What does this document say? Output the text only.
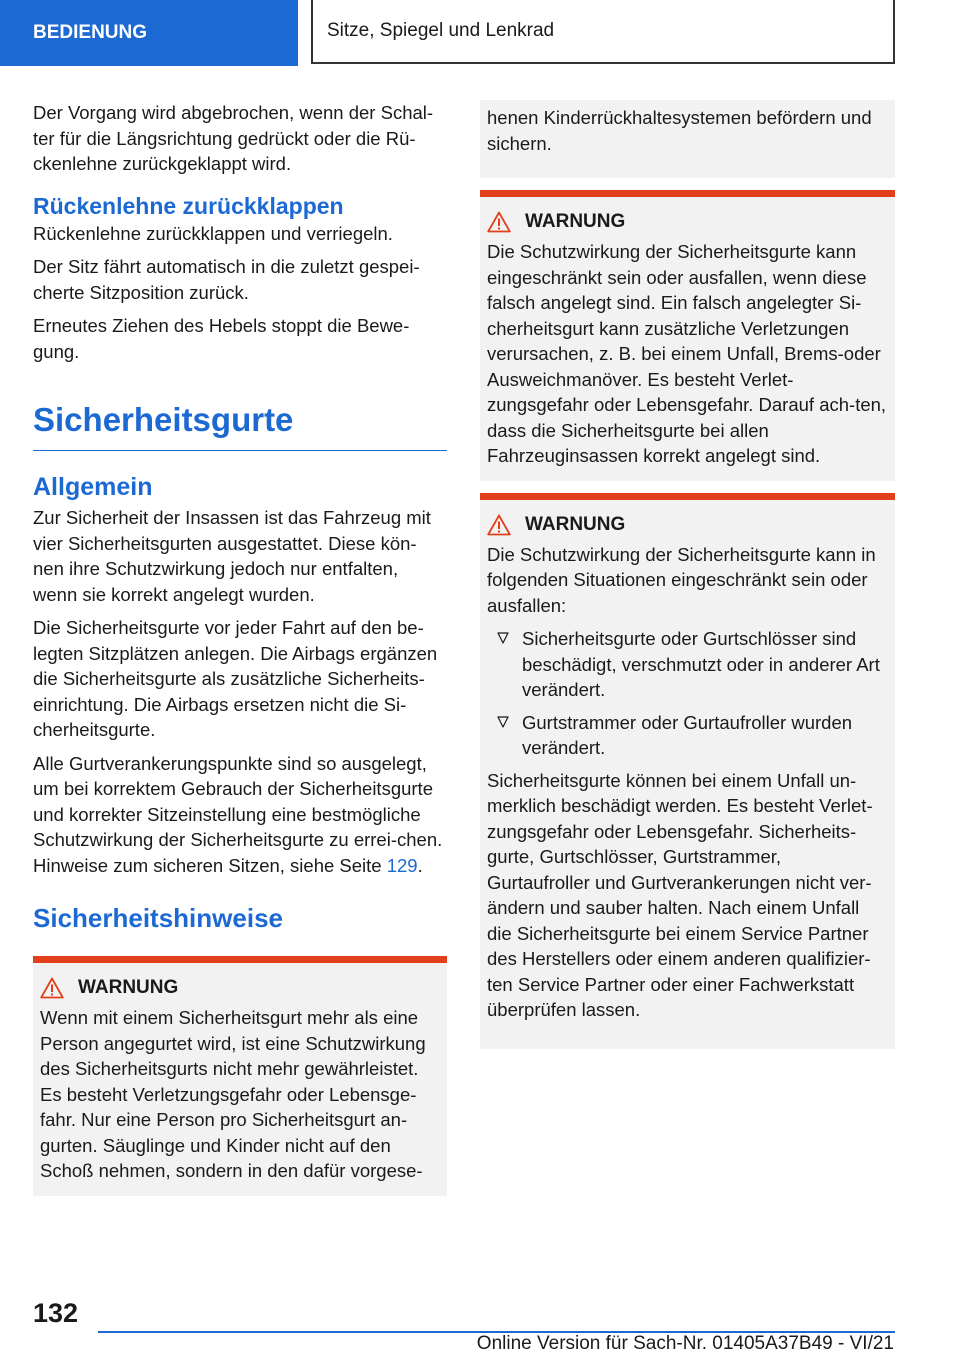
BEDIENUNG	Sitze, Spiegel und Lenkrad

Der Vorgang wird abgebrochen, wenn der Schal‐ter für die Längsrichtung gedrückt oder die Rü‐ckenlehne zurückgeklappt wird.

Rückenlehne zurückklappen

Rückenlehne zurückklappen und verriegeln.

Der Sitz fährt automatisch in die zuletzt gespei‐cherte Sitzposition zurück.

Erneutes Ziehen des Hebels stoppt die Bewe‐gung.

Sicherheitsgurte
Allgemein

Zur Sicherheit der Insassen ist das Fahrzeug mit vier Sicherheitsgurten ausgestattet. Diese kön‐nen ihre Schutzwirkung jedoch nur entfalten, wenn sie korrekt angelegt wurden.

Die Sicherheitsgurte vor jeder Fahrt auf den be‐legten Sitzplätzen anlegen. Die Airbags ergänzen die Sicherheitsgurte als zusätzliche Sicherheits‐einrichtung. Die Airbags ersetzen nicht die Si‐cherheitsgurte.

Alle Gurtverankerungspunkte sind so ausgelegt, um bei korrektem Gebrauch der Sicherheitsgurte und korrekter Sitzeinstellung eine bestmögliche Schutzwirkung der Sicherheitsgurte zu errei‐chen. Hinweise zum sicheren Sitzen, siehe Seite 129.

Sicherheitshinweise
WARNUNG

Wenn mit einem Sicherheitsgurt mehr als eine Person angegurtet wird, ist eine Schutzwirkung des Sicherheitsgurts nicht mehr gewährleistet. Es besteht Verletzungsgefahr oder Lebensge‐fahr. Nur eine Person pro Sicherheitsgurt an‐gurten. Säuglinge und Kinder nicht auf den Schoß nehmen, sondern in den dafür vorgese‐

henen Kinderrückhaltesystemen befördern und sichern.

WARNUNG

Die Schutzwirkung der Sicherheitsgurte kann eingeschränkt sein oder ausfallen, wenn diese falsch angelegt sind. Ein falsch angelegter Si‐cherheitsgurt kann zusätzliche Verletzungen verursachen, z. B. bei einem Unfall, Brems‐oder Ausweichmanöver. Es besteht Verlet‐zungsgefahr oder Lebensgefahr. Darauf ach‐ten, dass die Sicherheitsgurte bei allen Fahrzeuginsassen korrekt angelegt sind.

WARNUNG

Die Schutzwirkung der Sicherheitsgurte kann in folgenden Situationen eingeschränkt sein oder ausfallen:

Sicherheitsgurte oder Gurtschlösser sind beschädigt, verschmutzt oder in anderer Art verändert.
Gurtstrammer oder Gurtaufroller wurden verändert.

Sicherheitsgurte können bei einem Unfall un‐merklich beschädigt werden. Es besteht Verlet‐zungsgefahr oder Lebensgefahr. Sicherheits‐gurte, Gurtschlösser, Gurtstrammer, Gurtaufroller und Gurtverankerungen nicht ver‐ändern und sauber halten. Nach einem Unfall die Sicherheitsgurte bei einem Service Partner des Herstellers oder einem anderen qualifizier‐ten Service Partner oder einer Fachwerkstatt überprüfen lassen.

132
Online Version für Sach-Nr. 01405A37B49 - VI/21
